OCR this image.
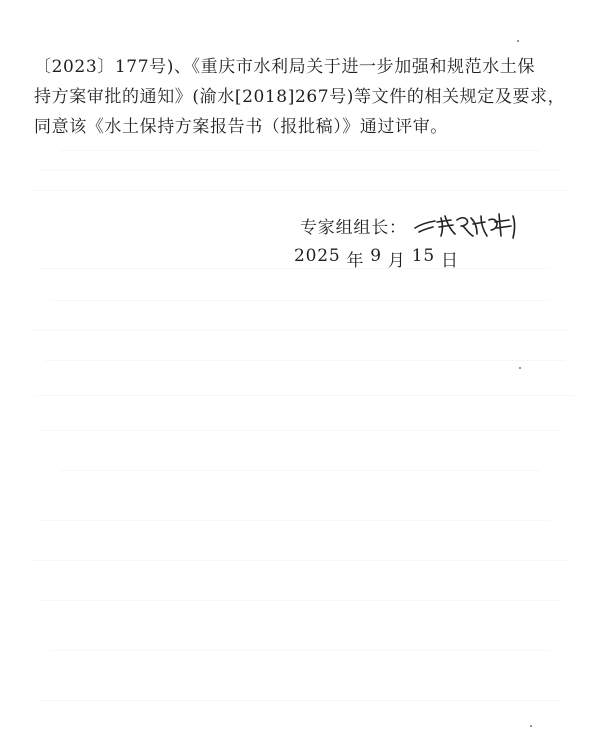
〔2023〕177号)、《重庆市水利局关于进一步加强和规范水土保
持方案审批的通知》(渝水[2018]267号)等文件的相关规定及要求，
同意该《水土保持方案报告书（报批稿）》通过评审。
专家组组长：
2025 年 9 月 15 日
